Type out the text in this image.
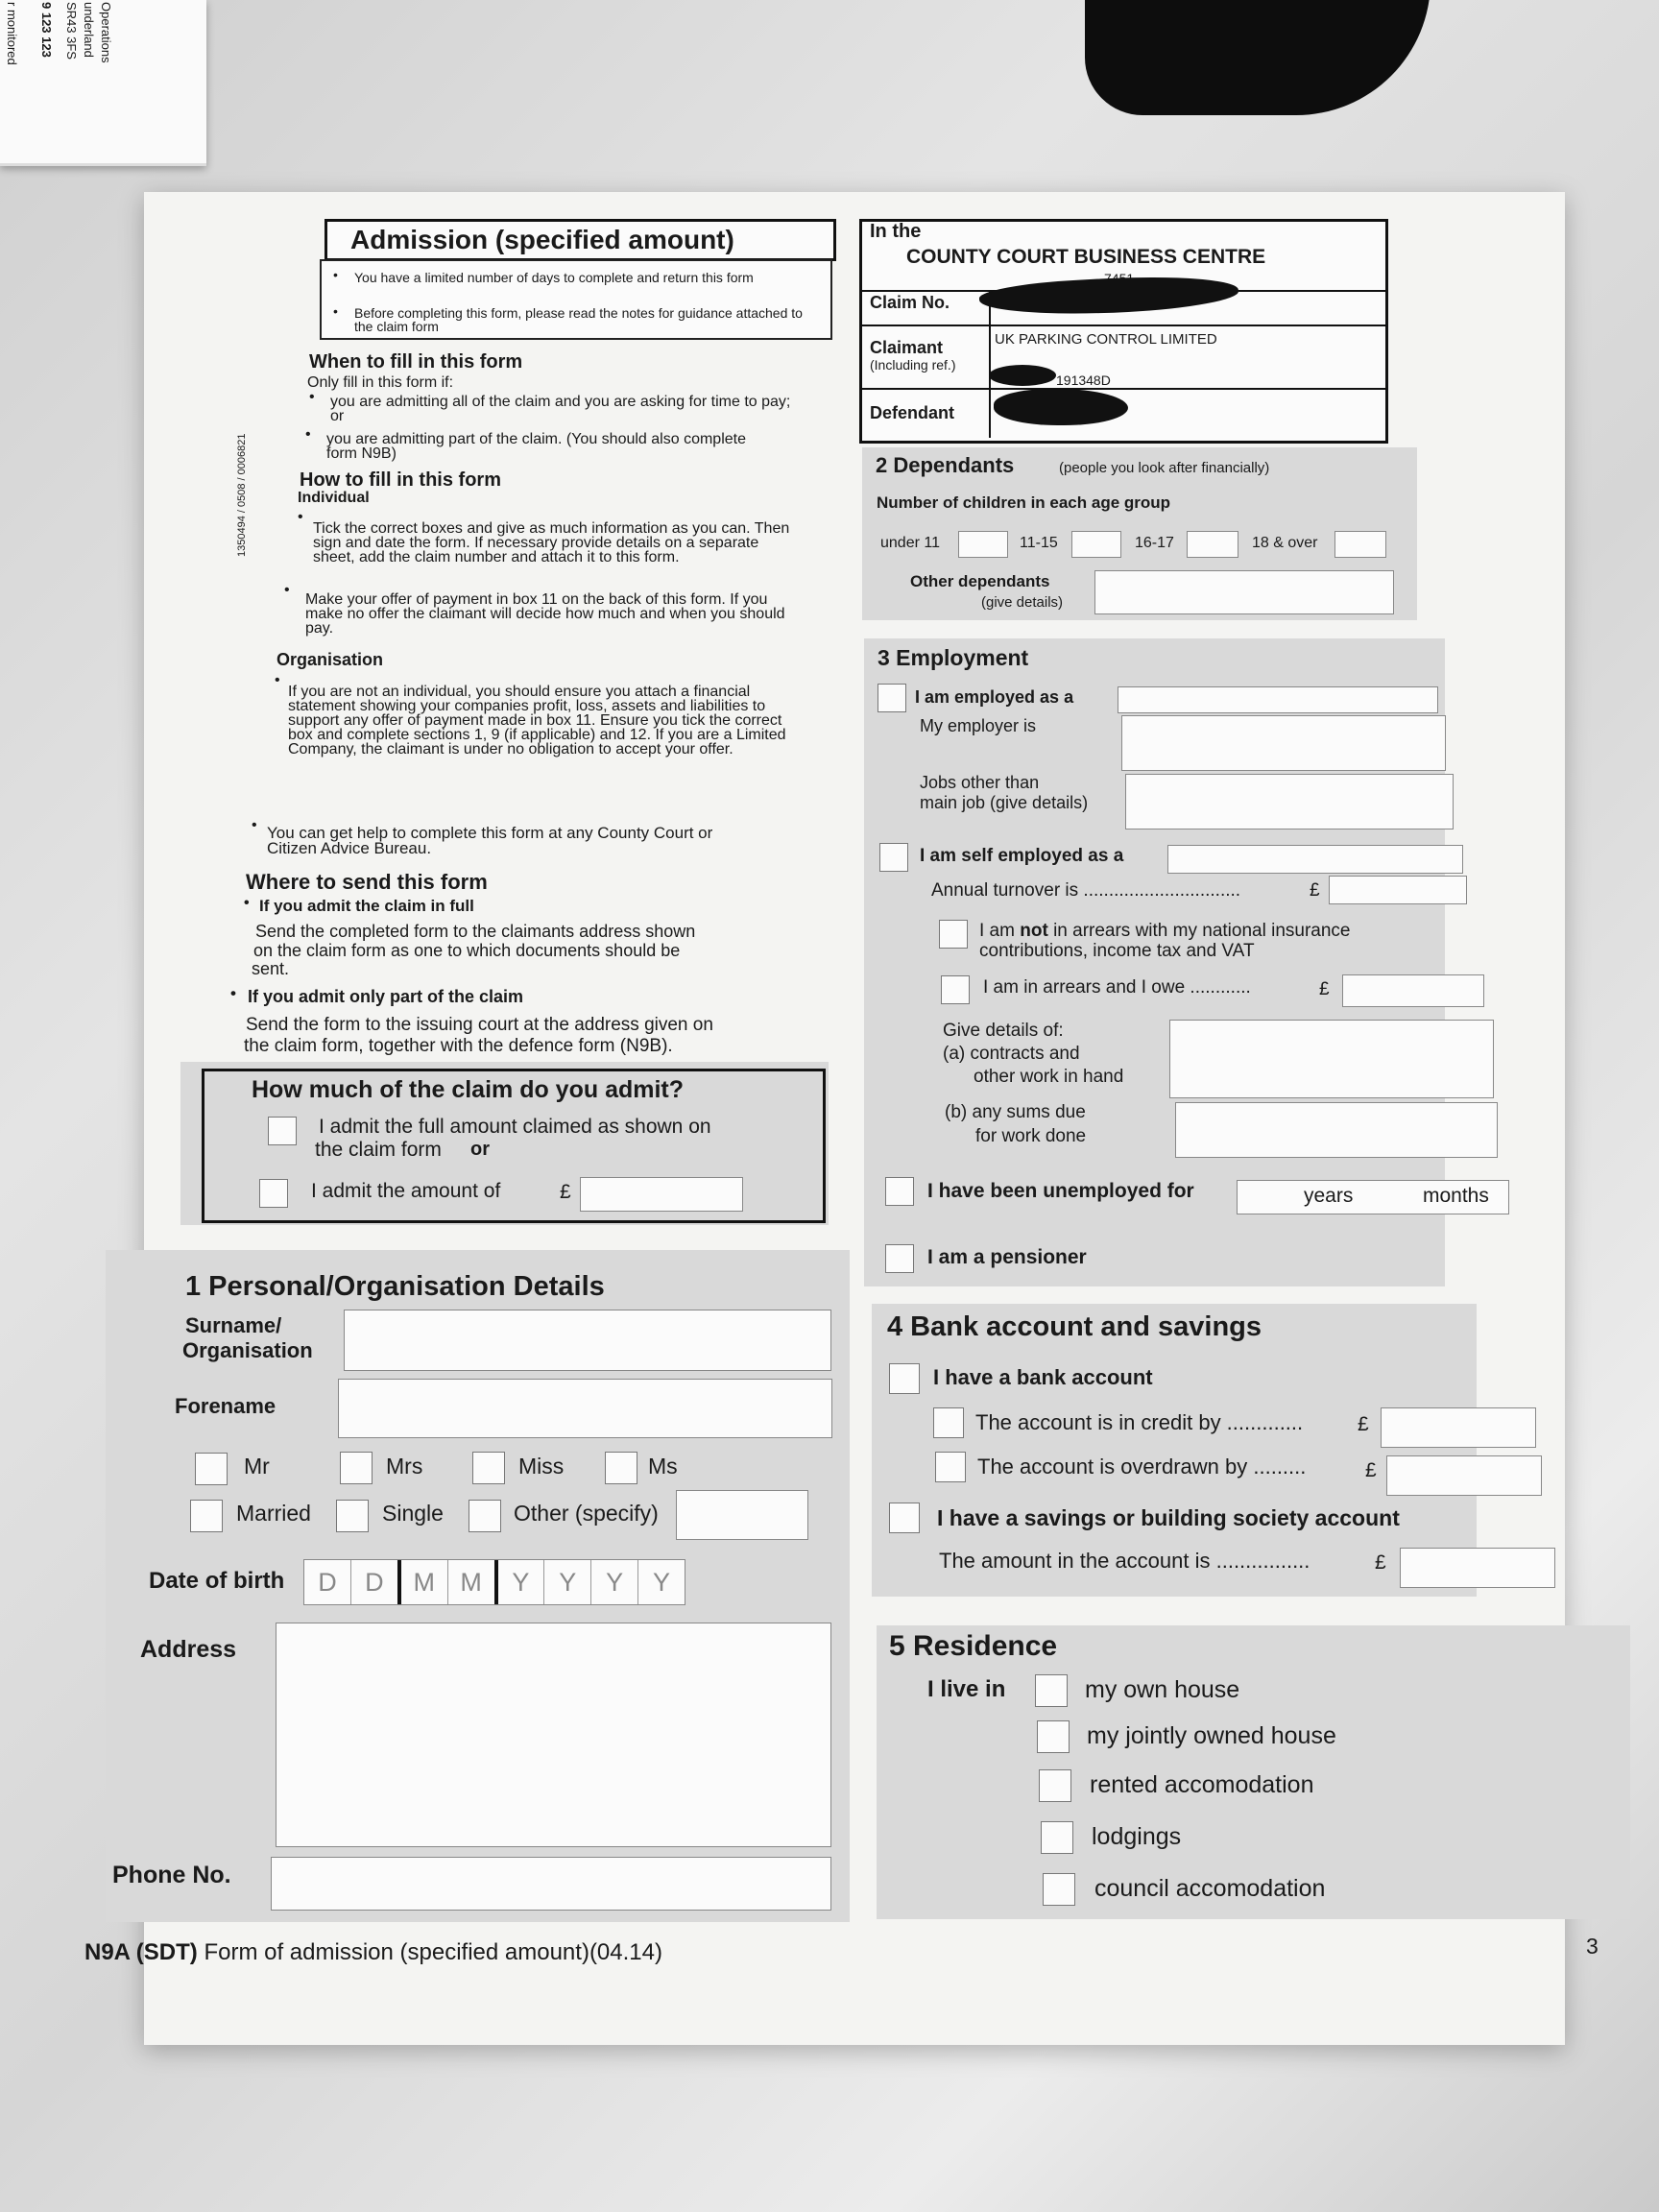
Operations
underland
SR43 3FS
9 123 123
r monitored
Admission (specified amount)
• You have a limited number of days to complete and return this form
• Before completing this form, please read the notes for guidance attached to the claim form
When to fill in this form
Only fill in this form if:
• you are admitting all of the claim and you are asking for time to pay; or
• you are admitting part of the claim. (You should also complete form N9B)
How to fill in this form
Individual
•
Tick the correct boxes and give as much information as you can. Then sign and date the form. If necessary provide details on a separate sheet, add the claim number and attach it to this form.
•
Make your offer of payment in box 11 on the back of this form. If you make no offer the claimant will decide how much and when you should pay.
Organisation
•
If you are not an individual, you should ensure you attach a financial statement showing your companies profit, loss, assets and liabilities to support any offer of payment made in box 11. Ensure you tick the correct box and complete sections 1, 9 (if applicable) and 12. If you are a Limited Company, the claimant is under no obligation to accept your offer.
• You can get help to complete this form at any County Court or Citizen Advice Bureau.
Where to send this form
• If you admit the claim in full
Send the completed form to the claimants address shown
on the claim form as one to which documents should be
sent.
• If you admit only part of the claim
Send the form to the issuing court at the address given on
the claim form, together with the defence form (N9B).
1350494 / 0508 / 0006821
How much of the claim do you admit?
I admit the full amount claimed as shown on
the claim form or
I admit the amount of	£
1 Personal/Organisation Details
Surname/
Organisation
Forename
Mr	Mrs	Miss	Ms
Married	Single	Other (specify)
Date of birth	D	D	M M	Y	Y	Y	Y
Address
Phone No.
In the
COUNTY COURT BUSINESS CENTRE
Claim No.
Claimant
(Including ref.)
UK PARKING CONTROL LIMITED
191348D
Defendant
2 Dependants	(people you look after financially)
Number of children in each age group
under 11	11-15	16-17	18 & over
Other dependants
(give details)
3 Employment
I am employed as a
My employer is
Jobs other than
main job (give details)
I am self employed as a
Annual turnover is ...............................	£
I am not in arrears with my national insurance
contributions, income tax and VAT
I am in arrears and I owe ............	£
Give details of:
(a) contracts and
other work in hand
(b) any sums due
for work done
I have been unemployed for	years	months
I am a pensioner
4 Bank account and savings
I have a bank account
The account is in credit by .............	£
The account is overdrawn by .........	£
I have a savings or building society account
The amount in the account is ................	£
5 Residence
I live in	my own house
my jointly owned house
rented accomodation
lodgings
council accomodation
N9A (SDT) Form of admission (specified amount)(04.14)	3
